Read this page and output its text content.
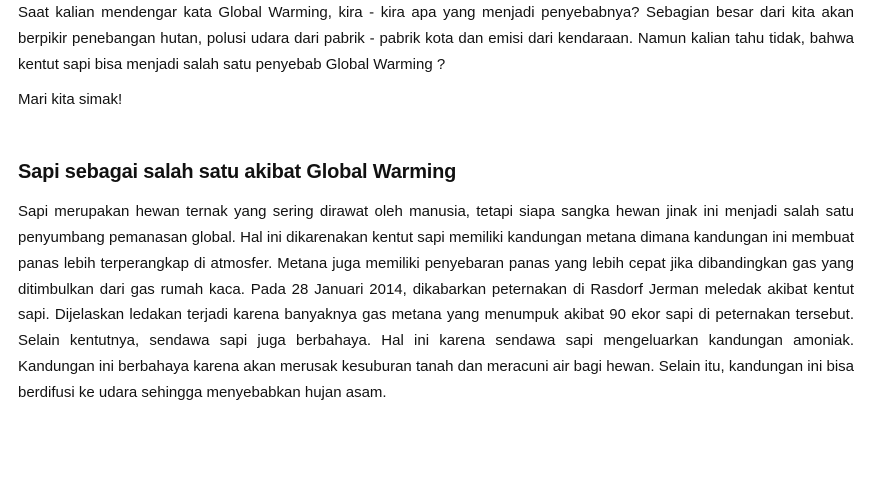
Saat kalian mendengar kata Global Warming, kira - kira apa yang menjadi penyebabnya? Sebagian besar dari kita akan berpikir penebangan hutan, polusi udara dari pabrik - pabrik kota dan emisi dari kendaraan. Namun kalian tahu tidak, bahwa kentut sapi bisa menjadi salah satu penyebab Global Warming ?

Mari kita simak!

Sapi sebagai salah satu akibat Global Warming

Sapi merupakan hewan ternak yang sering dirawat oleh manusia, tetapi siapa sangka hewan jinak ini menjadi salah satu penyumbang pemanasan global. Hal ini dikarenakan kentut sapi memiliki kandungan metana dimana kandungan ini membuat panas lebih terperangkap di atmosfer. Metana juga memiliki penyebaran panas yang lebih cepat jika dibandingkan gas yang ditimbulkan dari gas rumah kaca. Pada 28 Januari 2014, dikabarkan peternakan di Rasdorf Jerman meledak akibat kentut sapi. Dijelaskan ledakan terjadi karena banyaknya gas metana yang menumpuk akibat 90 ekor sapi di peternakan tersebut. Selain kentutnya, sendawa sapi juga berbahaya. Hal ini karena sendawa sapi mengeluarkan kandungan amoniak. Kandungan ini berbahaya karena akan merusak kesuburan tanah dan meracuni air bagi hewan. Selain itu, kandungan ini bisa berdifusi ke udara sehingga menyebabkan hujan asam.
